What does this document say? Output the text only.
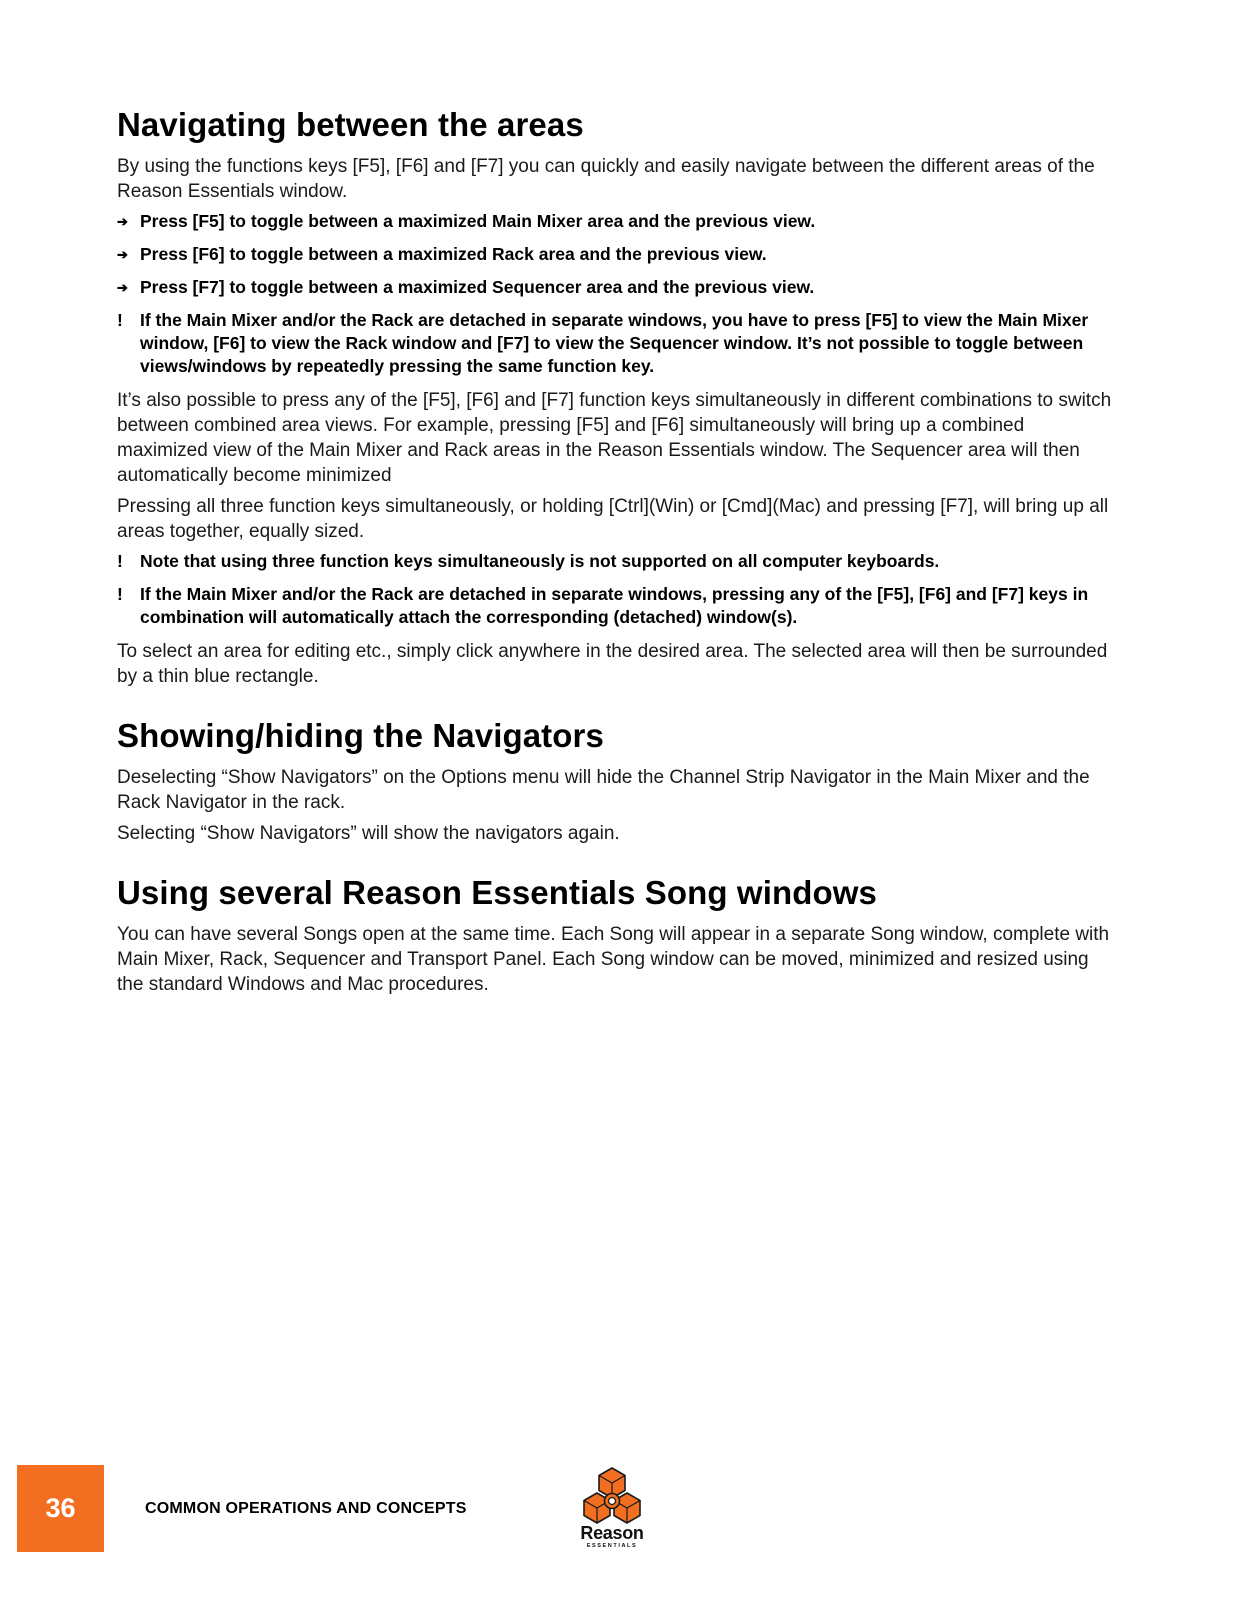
Navigating between the areas

By using the functions keys [F5], [F6] and [F7] you can quickly and easily navigate between the different areas of the Reason Essentials window.

➔ Press [F5] to toggle between a maximized Main Mixer area and the previous view.
➔ Press [F6] to toggle between a maximized Rack area and the previous view.
➔ Press [F7] to toggle between a maximized Sequencer area and the previous view.
! If the Main Mixer and/or the Rack are detached in separate windows, you have to press [F5] to view the Main Mixer window, [F6] to view the Rack window and [F7] to view the Sequencer window. It’s not possible to toggle between views/windows by repeatedly pressing the same function key.

It’s also possible to press any of the [F5], [F6] and [F7] function keys simultaneously in different combinations to switch between combined area views. For example, pressing [F5] and [F6] simultaneously will bring up a combined maximized view of the Main Mixer and Rack areas in the Reason Essentials window. The Sequencer area will then automatically become minimized

Pressing all three function keys simultaneously, or holding [Ctrl](Win) or [Cmd](Mac) and pressing [F7], will bring up all areas together, equally sized.

! Note that using three function keys simultaneously is not supported on all computer keyboards.
! If the Main Mixer and/or the Rack are detached in separate windows, pressing any of the [F5], [F6] and [F7] keys in combination will automatically attach the corresponding (detached) window(s).

To select an area for editing etc., simply click anywhere in the desired area. The selected area will then be surrounded by a thin blue rectangle.

Showing/hiding the Navigators

Deselecting “Show Navigators” on the Options menu will hide the Channel Strip Navigator in the Main Mixer and the Rack Navigator in the rack.

Selecting “Show Navigators” will show the navigators again.

Using several Reason Essentials Song windows

You can have several Songs open at the same time. Each Song will appear in a separate Song window, complete with Main Mixer, Rack, Sequencer and Transport Panel. Each Song window can be moved, minimized and resized using the standard Windows and Mac procedures.

36	COMMON OPERATIONS AND CONCEPTS
Reason
ESSENTIALS
